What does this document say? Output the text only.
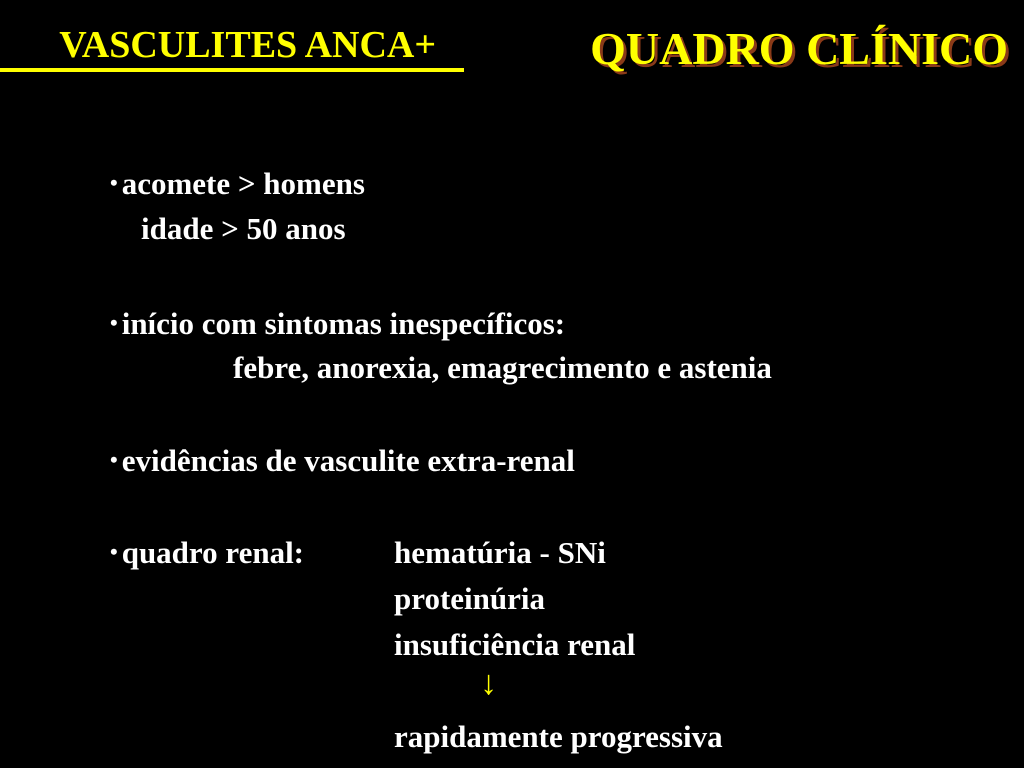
VASCULITES ANCA+	QUADRO CLÍNICO
• acomete > homens
idade > 50 anos
• início com sintomas inespecíficos:
febre, anorexia, emagrecimento e astenia
• evidências de vasculite extra-renal
• quadro renal:	hematúria - SNi
proteinúria
insuficiência renal
↓
rapidamente progressiva
